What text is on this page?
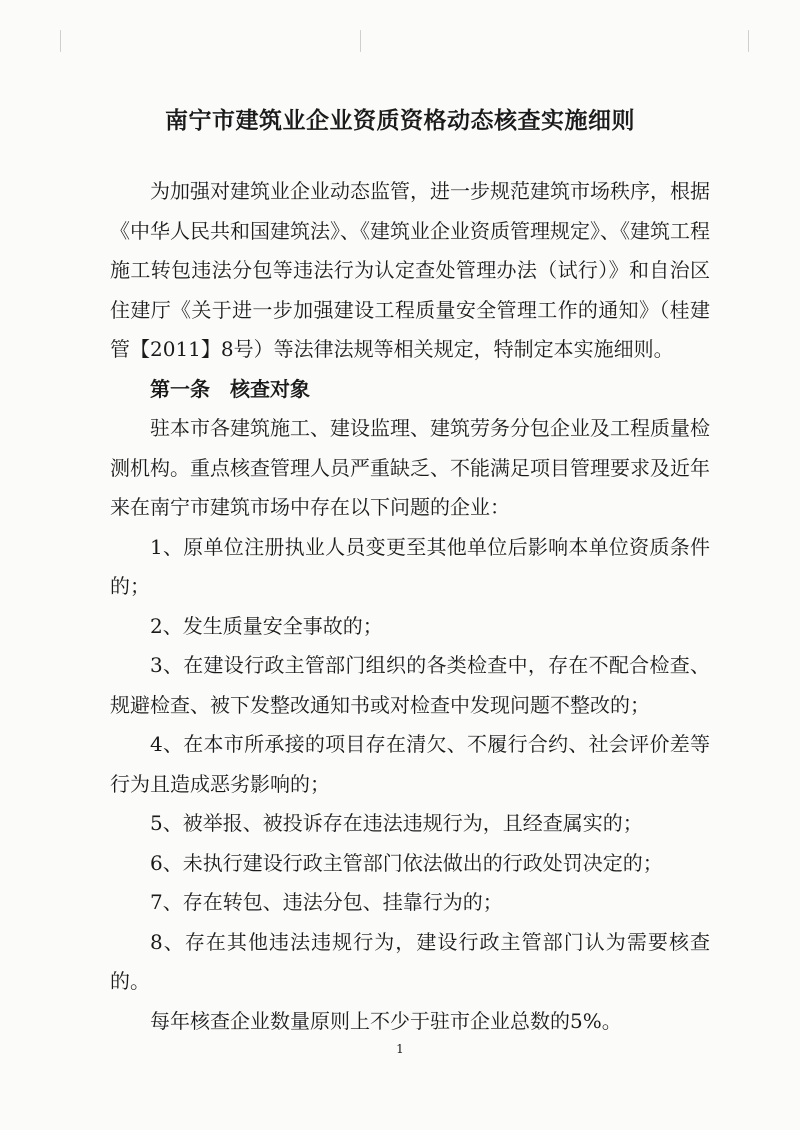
南宁市建筑业企业资质资格动态核查实施细则

为加强对建筑业企业动态监管，进一步规范建筑市场秩序，根据《中华人民共和国建筑法》、《建筑业企业资质管理规定》、《建筑工程施工转包违法分包等违法行为认定查处管理办法（试行）》和自治区住建厅《关于进一步加强建设工程质量安全管理工作的通知》（桂建管【2011】8号）等法律法规等相关规定，特制定本实施细则。

第一条　核查对象

驻本市各建筑施工、建设监理、建筑劳务分包企业及工程质量检测机构。重点核查管理人员严重缺乏、不能满足项目管理要求及近年来在南宁市建筑市场中存在以下问题的企业：

1、原单位注册执业人员变更至其他单位后影响本单位资质条件的；

2、发生质量安全事故的；

3、在建设行政主管部门组织的各类检查中，存在不配合检查、规避检查、被下发整改通知书或对检查中发现问题不整改的；

4、在本市所承接的项目存在清欠、不履行合约、社会评价差等行为且造成恶劣影响的；

5、被举报、被投诉存在违法违规行为，且经查属实的；

6、未执行建设行政主管部门依法做出的行政处罚决定的；

7、存在转包、违法分包、挂靠行为的；

8、存在其他违法违规行为，建设行政主管部门认为需要核查的。

每年核查企业数量原则上不少于驻市企业总数的5%。

1
